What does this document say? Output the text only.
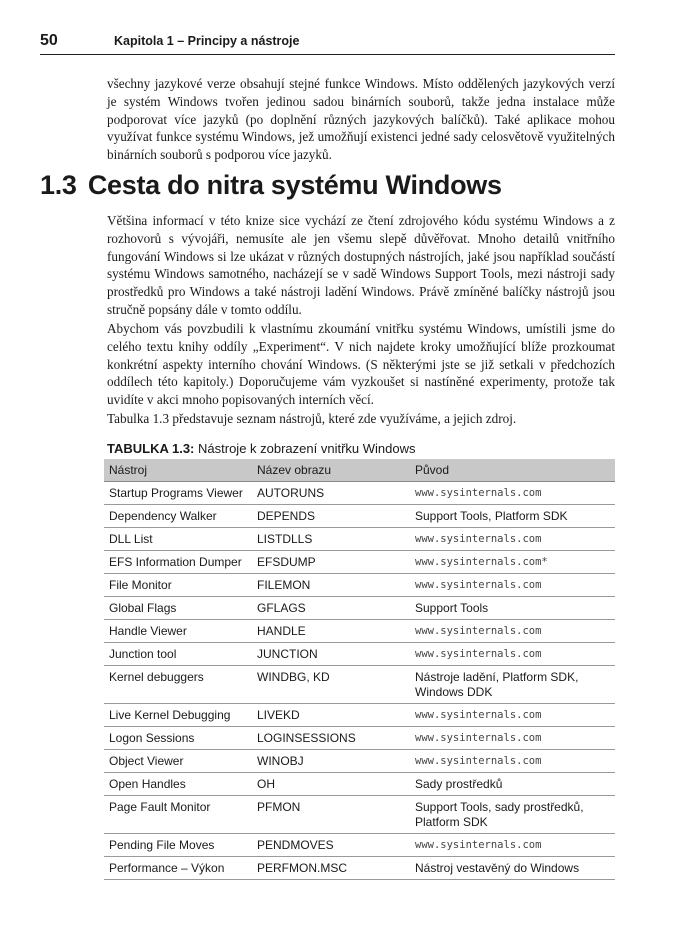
50	Kapitola 1 – Principy a nástroje

všechny jazykové verze obsahují stejné funkce Windows. Místo oddělených jazykových verzí je systém Windows tvořen jedinou sadou binárních souborů, takže jedna instalace může podporovat více jazyků (po doplnění různých jazykových balíčků). Také aplikace mohou využívat funkce systému Windows, jež umožňují existenci jedné sady celosvětově využitelných binárních souborů s podporou více jazyků.

1.3 Cesta do nitra systému Windows

Většina informací v této knize sice vychází ze čtení zdrojového kódu systému Windows a z rozhovorů s vývojáři, nemusíte ale jen všemu slepě důvěřovat. Mnoho detailů vnitřního fungování Windows si lze ukázat v různých dostupných nástrojích, jaké jsou například součástí systému Windows samotného, nacházejí se v sadě Windows Support Tools, mezi nástroji sady prostředků pro Windows a také nástroji ladění Windows. Právě zmíněné balíčky nástrojů jsou stručně popsány dále v tomto oddílu.

Abychom vás povzbudili k vlastnímu zkoumání vnitřku systému Windows, umístili jsme do celého textu knihy oddíly „Experiment“. V nich najdete kroky umožňující blíže prozkoumat konkrétní aspekty interního chování Windows. (S některými jste se již setkali v předchozích oddílech této kapitoly.) Doporučujeme vám vyzkoušet si nastíněné experimenty, protože tak uvidíte v akci mnoho popisovaných interních věcí.

Tabulka 1.3 představuje seznam nástrojů, které zde využíváme, a jejich zdroj.

TABULKA 1.3: Nástroje k zobrazení vnitřku Windows
Nástroj	Název obrazu	Původ
Startup Programs Viewer	AUTORUNS	www.sysinternals.com
Dependency Walker	DEPENDS	Support Tools, Platform SDK
DLL List	LISTDLLS	www.sysinternals.com
EFS Information Dumper	EFSDUMP	www.sysinternals.com*
File Monitor	FILEMON	www.sysinternals.com
Global Flags	GFLAGS	Support Tools
Handle Viewer	HANDLE	www.sysinternals.com
Junction tool	JUNCTION	www.sysinternals.com
Kernel debuggers	WINDBG, KD	Nástroje ladění, Platform SDK, Windows DDK
Live Kernel Debugging	LIVEKD	www.sysinternals.com
Logon Sessions	LOGINSESSIONS	www.sysinternals.com
Object Viewer	WINOBJ	www.sysinternals.com
Open Handles	OH	Sady prostředků
Page Fault Monitor	PFMON	Support Tools, sady prostředků, Platform SDK
Pending File Moves	PENDMOVES	www.sysinternals.com
Performance – Výkon	PERFMON.MSC	Nástroj vestavěný do Windows
